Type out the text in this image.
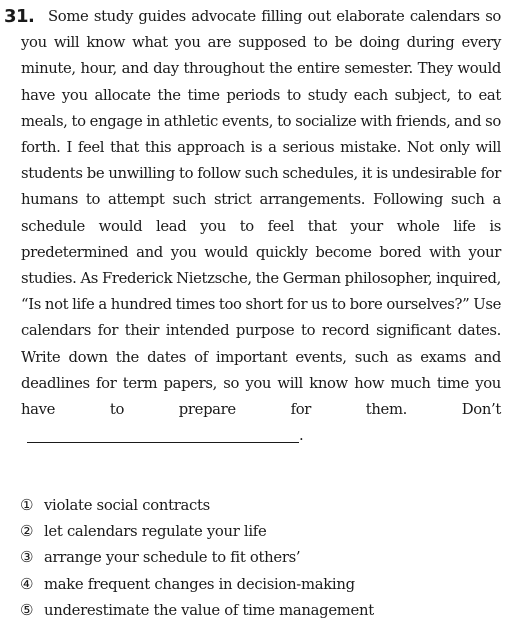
31. Some study guides advocate filling out elaborate calendars so you will know what you are supposed to be doing during every minute, hour, and day throughout the entire semester. They would have you allocate the time periods to study each subject, to eat meals, to engage in athletic events, to socialize with friends, and so forth. I feel that this approach is a serious mistake. Not only will students be unwilling to follow such schedules, it is undesirable for humans to attempt such strict arrangements. Following such a schedule would lead you to feel that your whole life is predetermined and you would quickly become bored with your studies. As Frederick Nietzsche, the German philosopher, inquired, “Is not life a hundred times too short for us to bore ourselves?” Use calendars for their intended purpose to record significant dates. Write down the dates of important events, such as exams and deadlines for term papers, so you will know how much time you have to prepare for them. Don’t.

① violate social contracts
② let calendars regulate your life
③ arrange your schedule to fit others’
④ make frequent changes in decision-making
⑤ underestimate the value of time management
